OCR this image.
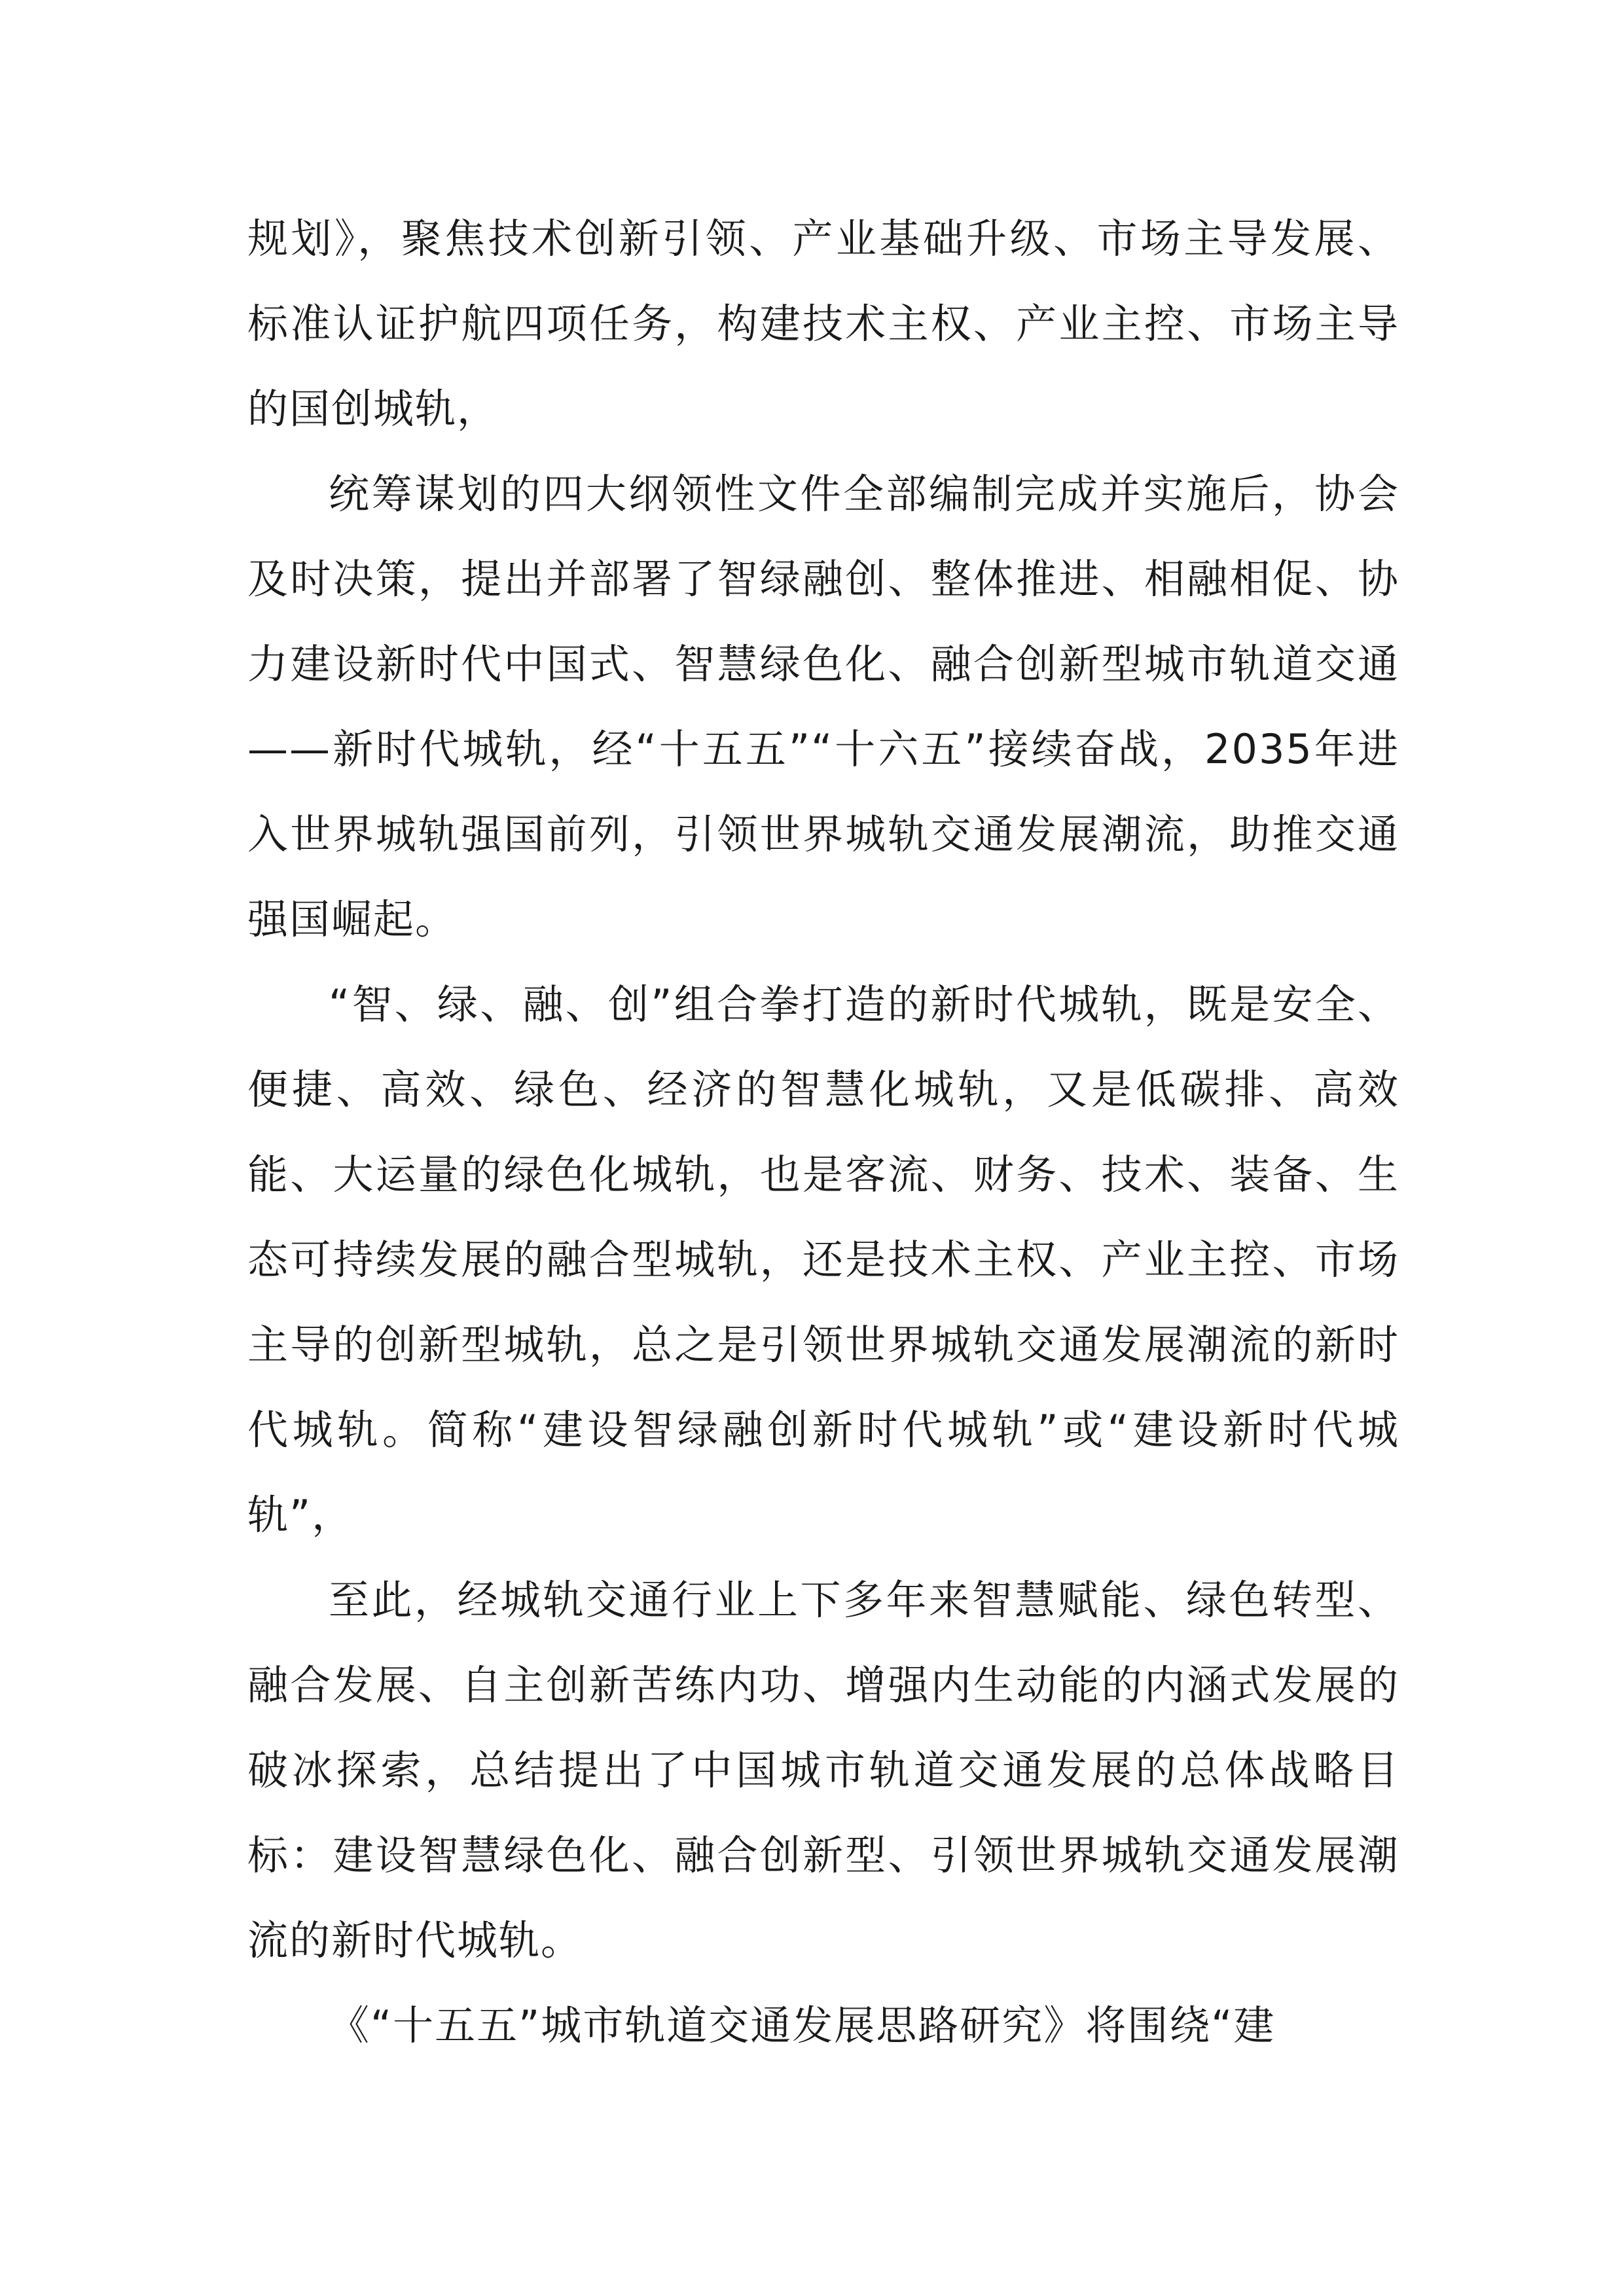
规划》，聚焦技术创新引领、产业基础升级、市场主导发展、标准认证护航四项任务，构建技术主权、产业主控、市场主导的国创城轨，

统筹谋划的四大纲领性文件全部编制完成并实施后，协会及时决策，提出并部署了智绿融创、整体推进、相融相促、协力建设新时代中国式、智慧绿色化、融合创新型城市轨道交通——新时代城轨，经“十五五”“十六五”接续奋战，2035年进入世界城轨强国前列，引领世界城轨交通发展潮流，助推交通强国崛起。

“智、绿、融、创”组合拳打造的新时代城轨，既是安全、便捷、高效、绿色、经济的智慧化城轨，又是低碳排、高效能、大运量的绿色化城轨，也是客流、财务、技术、装备、生态可持续发展的融合型城轨，还是技术主权、产业主控、市场主导的创新型城轨，总之是引领世界城轨交通发展潮流的新时代城轨。简称“建设智绿融创新时代城轨”或“建设新时代城轨”，

至此，经城轨交通行业上下多年来智慧赋能、绿色转型、融合发展、自主创新苦练内功、增强内生动能的内涵式发展的破冰探索，总结提出了中国城市轨道交通发展的总体战略目标：建设智慧绿色化、融合创新型、引领世界城轨交通发展潮流的新时代城轨。

《“十五五”城市轨道交通发展思路研究》将围绕“建
